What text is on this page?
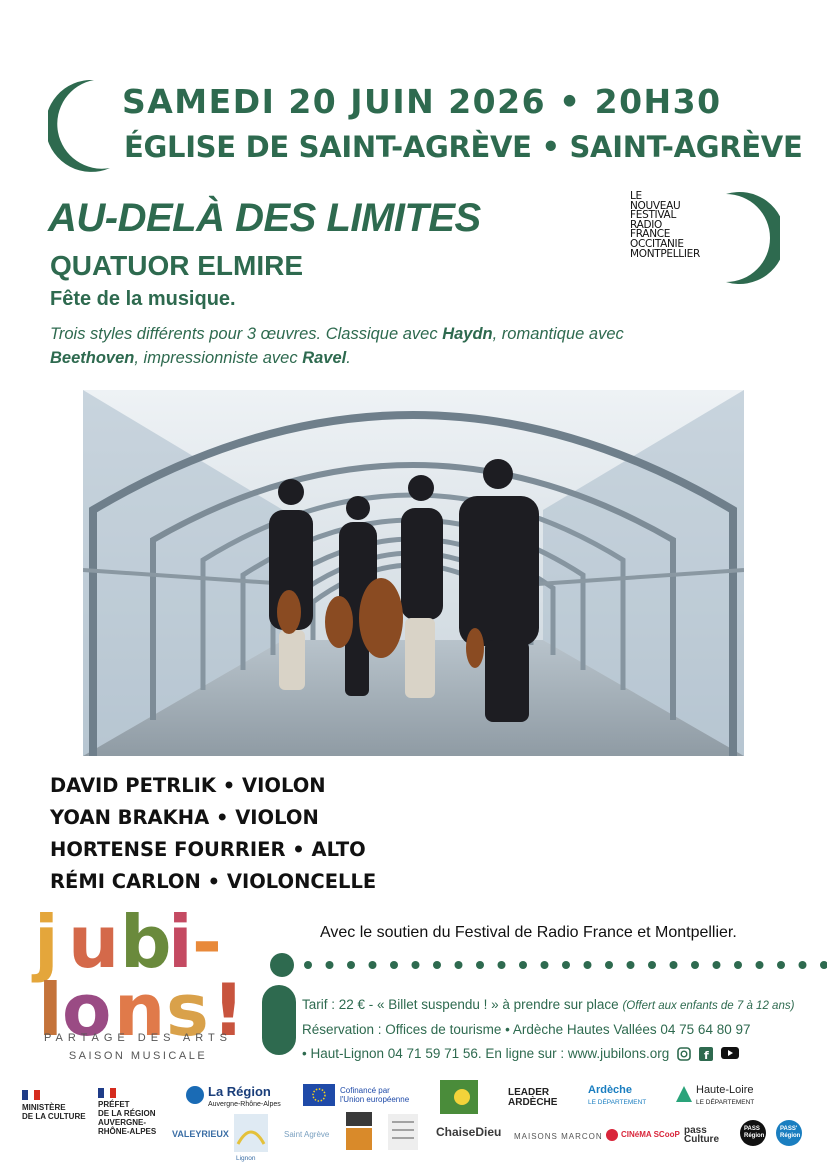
SAMEDI 20 JUIN 2026 • 20H30
ÉGLISE DE SAINT-AGRÈVE • SAINT-AGRÈVE
AU-DELÀ DES LIMITES
QUATUOR ELMIRE
Fête de la musique.
Trois styles différents pour 3 œuvres. Classique avec Haydn, romantique avec Beethoven, impressionniste avec Ravel.
LE
NOUVEAU
FESTIVAL
RADIO
FRANCE
OCCITANIE
MONTPELLIER
DAVID PETRLIK • VIOLON
YOAN BRAKHA • VIOLON
HORTENSE FOURRIER • ALTO
RÉMI CARLON • VIOLONCELLE
j u b
i -
l o n s !
jubi-lons!
PARTAGE DES ARTS
SAISON MUSICALE
Avec le soutien du Festival de Radio France et Montpellier.
Tarif : 22 € - « Billet suspendu ! » à prendre sur place (Offert aux enfants de 7 à 12 ans)
Réservation : Offices de tourisme • Ardèche Hautes Vallées 04 75 64 80 97
• Haut-Lignon 04 71 59 71 56. En ligne sur : www.jubilons.org	f

MINISTÈRE
DE LA CULTURE
PRÉFET
DE LA RÉGION
AUVERGNE-
RHÔNE-ALPES
La Région
Auvergne-Rhône-Alpes
Cofinancé par
l'Union européenne
LEADER
ARDÈCHE
Ardèche
LE DÉPARTEMENT
Haute-Loire
LE DÉPARTEMENT
VALEYRIEUX
Lignon
Saint Agrève	ChaiseDieu MAISONS MARCON CINéMA SCooP pass Culture
PASS Région
PASS' Région
